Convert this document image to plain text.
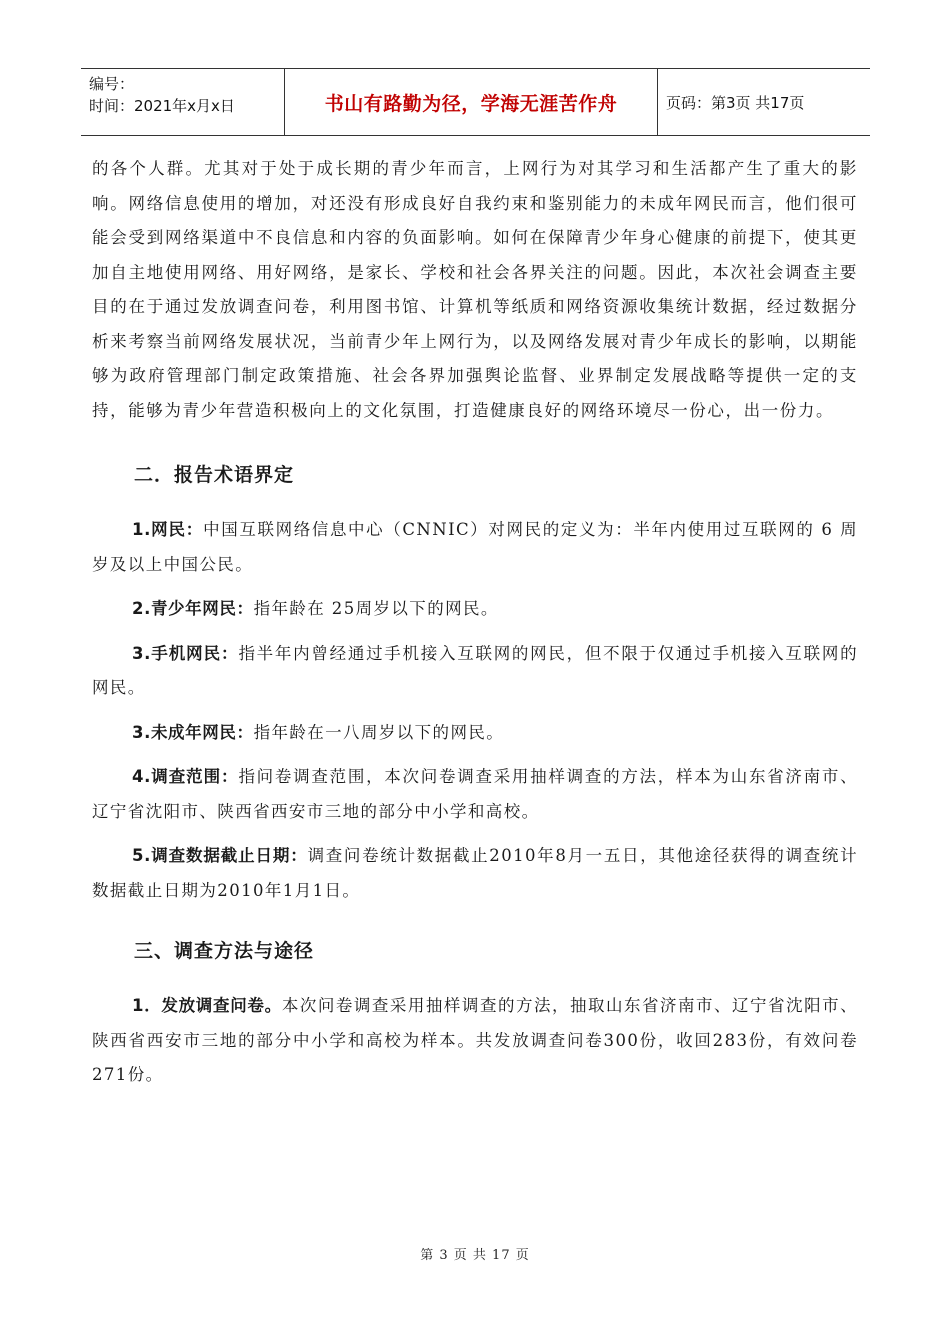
编号：
时间：2021年x月x日	书山有路勤为径，学海无涯苦作舟	页码：第3页 共17页

的各个人群。尤其对于处于成长期的青少年而言，上网行为对其学习和生活都产生了重大的影响。网络信息使用的增加，对还没有形成良好自我约束和鉴别能力的未成年网民而言，他们很可能会受到网络渠道中不良信息和内容的负面影响。如何在保障青少年身心健康的前提下，使其更加自主地使用网络、用好网络，是家长、学校和社会各界关注的问题。因此，本次社会调查主要目的在于通过发放调查问卷，利用图书馆、计算机等纸质和网络资源收集统计数据，经过数据分析来考察当前网络发展状况，当前青少年上网行为，以及网络发展对青少年成长的影响，以期能够为政府管理部门制定政策措施、社会各界加强舆论监督、业界制定发展战略等提供一定的支持，能够为青少年营造积极向上的文化氛围，打造健康良好的网络环境尽一份心，出一份力。

二．报告术语界定

1.网民：中国互联网络信息中心（CNNIC）对网民的定义为：半年内使用过互联网的 6 周岁及以上中国公民。

2.青少年网民：指年龄在 25周岁以下的网民。

3.手机网民：指半年内曾经通过手机接入互联网的网民，但不限于仅通过手机接入互联网的网民。

3.未成年网民：指年龄在一八周岁以下的网民。

4.调查范围：指问卷调查范围，本次问卷调查采用抽样调查的方法，样本为山东省济南市、辽宁省沈阳市、陕西省西安市三地的部分中小学和高校。

5.调查数据截止日期：调查问卷统计数据截止2010年8月一五日，其他途径获得的调查统计数据截止日期为2010年1月1日。

三、调查方法与途径

1．发放调查问卷。本次问卷调查采用抽样调查的方法，抽取山东省济南市、辽宁省沈阳市、陕西省西安市三地的部分中小学和高校为样本。共发放调查问卷300份，收回283份，有效问卷271份。

第 3 页 共 17 页
